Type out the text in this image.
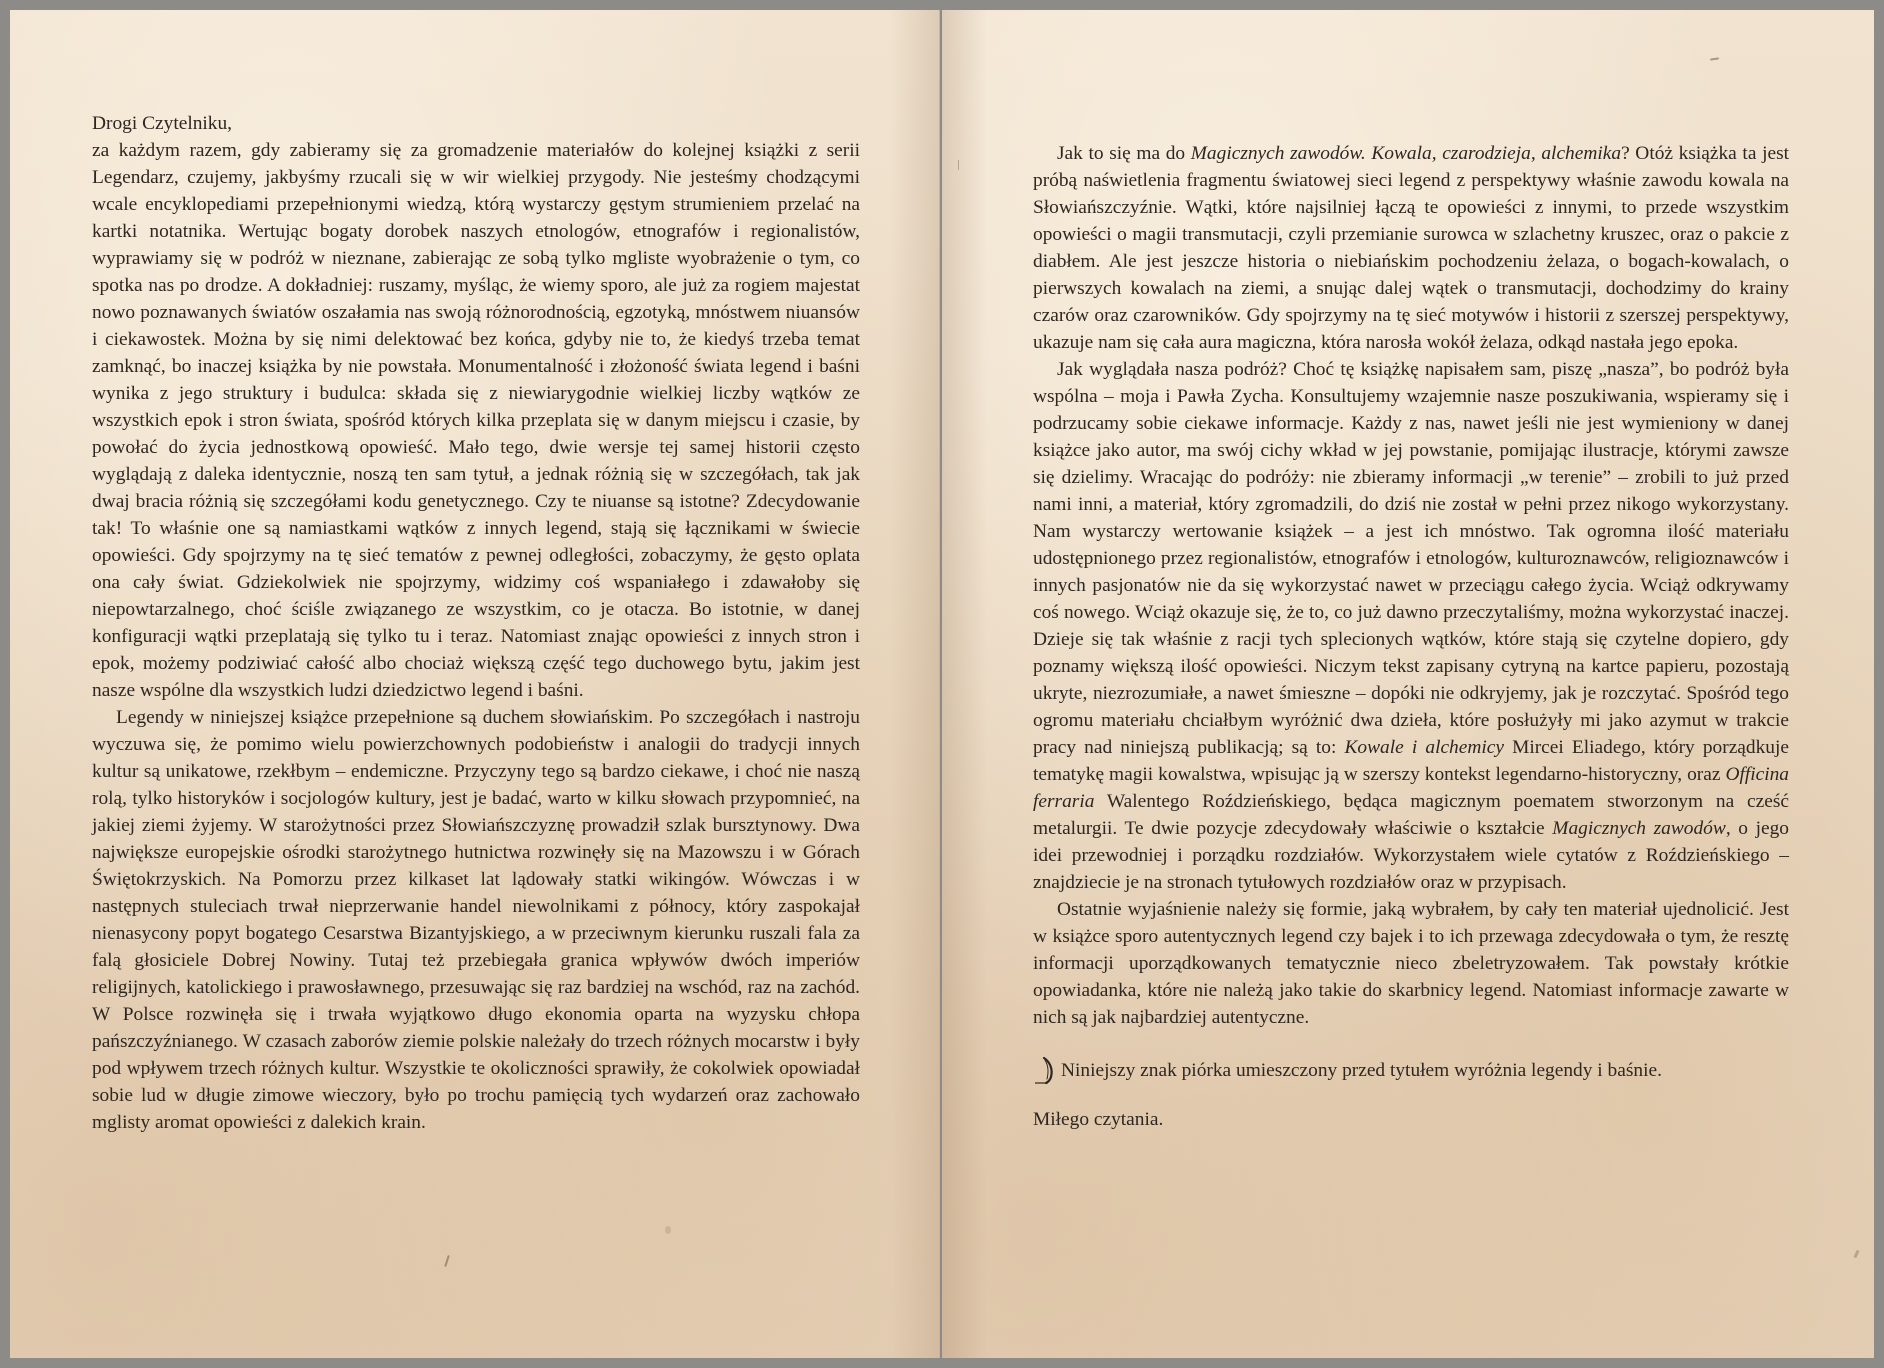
Drogi Czytelniku,

za każdym razem, gdy zabieramy się za gromadzenie materiałów do kolejnej książki z serii Legendarz, czujemy, jakbyśmy rzucali się w wir wielkiej przygody. Nie jesteśmy chodzącymi wcale encyklopediami przepełnionymi wiedzą, którą wystarczy gęstym strumieniem przelać na kartki notatnika. Wertując bogaty dorobek naszych etnologów, etnografów i regionalistów, wyprawiamy się w podróż w nieznane, zabierając ze sobą tylko mgliste wyobrażenie o tym, co spotka nas po drodze. A dokładniej: ruszamy, myśląc, że wiemy sporo, ale już za rogiem majestat nowo poznawanych światów oszałamia nas swoją różnorodnością, egzotyką, mnóstwem niuansów i ciekawostek. Można by się nimi delektować bez końca, gdyby nie to, że kiedyś trzeba temat zamknąć, bo inaczej książka by nie powstała. Monumentalność i złożoność świata legend i baśni wynika z jego struktury i budulca: składa się z niewiarygodnie wielkiej liczby wątków ze wszystkich epok i stron świata, spośród których kilka przeplata się w danym miejscu i czasie, by powołać do życia jednostkową opowieść. Mało tego, dwie wersje tej samej historii często wyglądają z daleka identycznie, noszą ten sam tytuł, a jednak różnią się w szczegółach, tak jak dwaj bracia różnią się szczegółami kodu genetycznego. Czy te niuanse są istotne? Zdecydowanie tak! To właśnie one są namiastkami wątków z innych legend, stają się łącznikami w świecie opowieści. Gdy spojrzymy na tę sieć tematów z pewnej odległości, zobaczymy, że gęsto oplata ona cały świat. Gdziekolwiek nie spojrzymy, widzimy coś wspaniałego i zdawałoby się niepowtarzalnego, choć ściśle związanego ze wszystkim, co je otacza. Bo istotnie, w danej konfiguracji wątki przeplatają się tylko tu i teraz. Natomiast znając opowieści z innych stron i epok, możemy podziwiać całość albo chociaż większą część tego duchowego bytu, jakim jest nasze wspólne dla wszystkich ludzi dziedzictwo legend i baśni.

Legendy w niniejszej książce przepełnione są duchem słowiańskim. Po szczegółach i nastroju wyczuwa się, że pomimo wielu powierzchownych podobieństw i analogii do tradycji innych kultur są unikatowe, rzekłbym – endemiczne. Przyczyny tego są bardzo ciekawe, i choć nie naszą rolą, tylko historyków i socjologów kultury, jest je badać, warto w kilku słowach przypomnieć, na jakiej ziemi żyjemy. W starożytności przez Słowiańszczyznę prowadził szlak bursztynowy. Dwa największe europejskie ośrodki starożytnego hutnictwa rozwinęły się na Mazowszu i w Górach Świętokrzyskich. Na Pomorzu przez kilkaset lat lądowały statki wikingów. Wówczas i w następnych stuleciach trwał nieprzerwanie handel niewolnikami z północy, który zaspokajał nienasycony popyt bogatego Cesarstwa Bizantyjskiego, a w przeciwnym kierunku ruszali fala za falą głosiciele Dobrej Nowiny. Tutaj też przebiegała granica wpływów dwóch imperiów religijnych, katolickiego i prawosławnego, przesuwając się raz bardziej na wschód, raz na zachód. W Polsce rozwinęła się i trwała wyjątkowo długo ekonomia oparta na wyzysku chłopa pańszczyźnianego. W czasach zaborów ziemie polskie należały do trzech różnych mocarstw i były pod wpływem trzech różnych kultur. Wszystkie te okoliczności sprawiły, że cokolwiek opowiadał sobie lud w długie zimowe wieczory, było po trochu pamięcią tych wydarzeń oraz zachowało mglisty aromat opowieści z dalekich krain.

Jak to się ma do Magicznych zawodów. Kowala, czarodzieja, alchemika? Otóż książka ta jest próbą naświetlenia fragmentu światowej sieci legend z perspektywy właśnie zawodu kowala na Słowiańszczyźnie. Wątki, które najsilniej łączą te opowieści z innymi, to przede wszystkim opowieści o magii transmutacji, czyli przemianie surowca w szlachetny kruszec, oraz o pakcie z diabłem. Ale jest jeszcze historia o niebiańskim pochodzeniu żelaza, o bogach-kowalach, o pierwszych kowalach na ziemi, a snując dalej wątek o transmutacji, dochodzimy do krainy czarów oraz czarowników. Gdy spojrzymy na tę sieć motywów i historii z szerszej perspektywy, ukazuje nam się cała aura magiczna, która narosła wokół żelaza, odkąd nastała jego epoka.

Jak wyglądała nasza podróż? Choć tę książkę napisałem sam, piszę „nasza”, bo podróż była wspólna – moja i Pawła Zycha. Konsultujemy wzajemnie nasze poszukiwania, wspieramy się i podrzucamy sobie ciekawe informacje. Każdy z nas, nawet jeśli nie jest wymieniony w danej książce jako autor, ma swój cichy wkład w jej powstanie, pomijając ilustracje, którymi zawsze się dzielimy. Wracając do podróży: nie zbieramy informacji „w terenie” – zrobili to już przed nami inni, a materiał, który zgromadzili, do dziś nie został w pełni przez nikogo wykorzystany. Nam wystarczy wertowanie książek – a jest ich mnóstwo. Tak ogromna ilość materiału udostępnionego przez regionalistów, etnografów i etnologów, kulturoznawców, religioznawców i innych pasjonatów nie da się wykorzystać nawet w przeciągu całego życia. Wciąż odkrywamy coś nowego. Wciąż okazuje się, że to, co już dawno przeczytaliśmy, można wykorzystać inaczej. Dzieje się tak właśnie z racji tych splecionych wątków, które stają się czytelne dopiero, gdy poznamy większą ilość opowieści. Niczym tekst zapisany cytryną na kartce papieru, pozostają ukryte, niezrozumiałe, a nawet śmieszne – dopóki nie odkryjemy, jak je rozczytać. Spośród tego ogromu materiału chciałbym wyróżnić dwa dzieła, które posłużyły mi jako azymut w trakcie pracy nad niniejszą publikacją; są to: Kowale i alchemicy Mircei Eliadego, który porządkuje tematykę magii kowalstwa, wpisując ją w szerszy kontekst legendarno-historyczny, oraz Officina ferraria Walentego Roździeńskiego, będąca magicznym poematem stworzonym na cześć metalurgii. Te dwie pozycje zdecydowały właściwie o kształcie Magicznych zawodów, o jego idei przewodniej i porządku rozdziałów. Wykorzystałem wiele cytatów z Roździeńskiego – znajdziecie je na stronach tytułowych rozdziałów oraz w przypisach.

Ostatnie wyjaśnienie należy się formie, jaką wybrałem, by cały ten materiał ujednolicić. Jest w książce sporo autentycznych legend czy bajek i to ich przewaga zdecydowała o tym, że resztę informacji uporządkowanych tematycznie nieco zbeletryzowałem. Tak powstały krótkie opowiadanka, które nie należą jako takie do skarbnicy legend. Natomiast informacje zawarte w nich są jak najbardziej autentyczne.

Niniejszy znak piórka umieszczony przed tytułem wyróżnia legendy i baśnie.

Miłego czytania.
